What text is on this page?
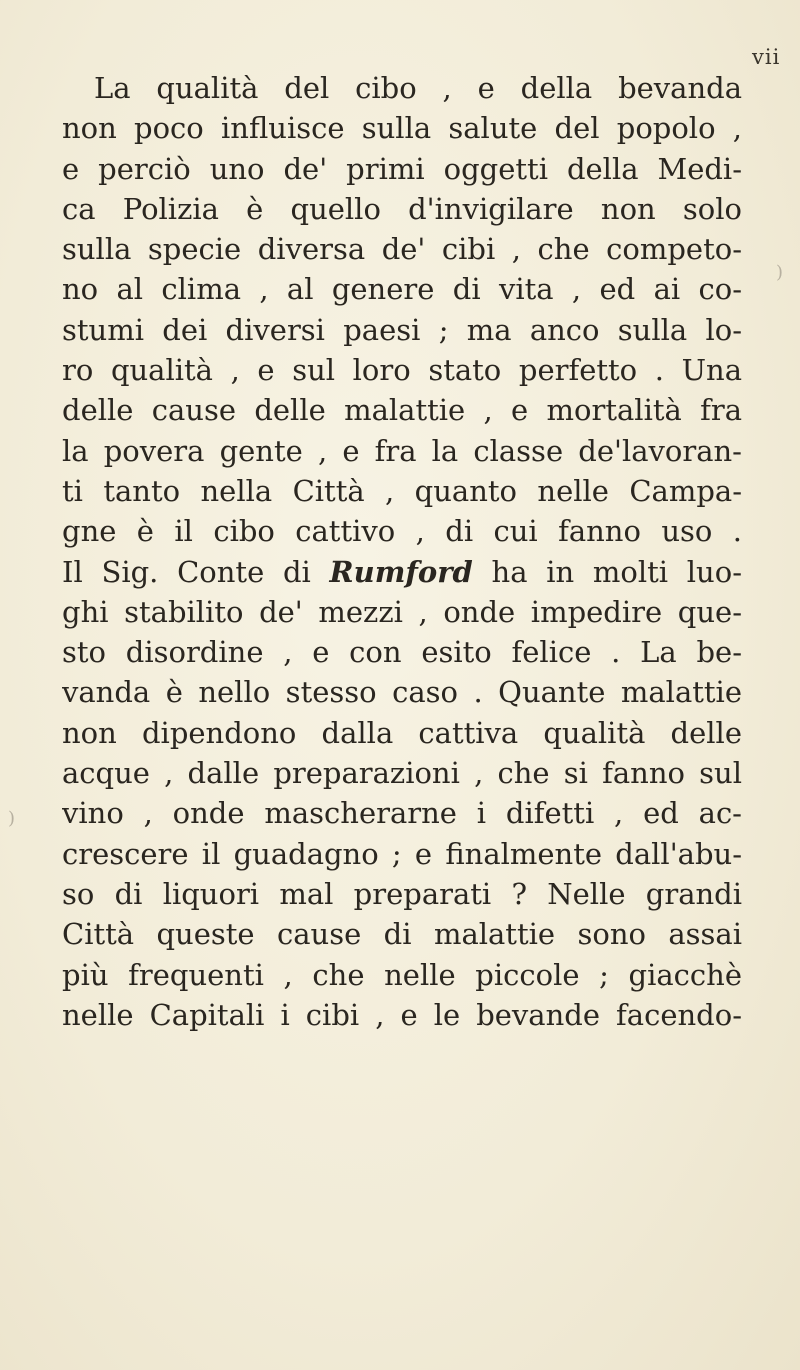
vii
)
)
La qualità del cibo , e della bevanda
non poco influisce sulla salute del popolo ,
e perciò uno de' primi oggetti della Medi-
ca Polizia è quello d'invigilare non solo
sulla specie diversa de' cibi , che competo-
no al clima , al genere di vita , ed ai co-
stumi dei diversi paesi ; ma anco sulla lo-
ro qualità , e sul loro stato perfetto . Una
delle cause delle malattie , e mortalità fra
la povera gente , e fra la classe de'lavoran-
ti tanto nella Città , quanto nelle Campa-
gne è il cibo cattivo , di cui fanno uso .
Il Sig. Conte di Rumford ha in molti luo-
ghi stabilito de' mezzi , onde impedire que-
sto disordine , e con esito felice . La be-
vanda è nello stesso caso . Quante malattie
non dipendono dalla cattiva qualità delle
acque , dalle preparazioni , che si fanno sul
vino , onde mascherarne i difetti , ed ac-
crescere il guadagno ; e finalmente dall'abu-
so di liquori mal preparati ? Nelle grandi
Città queste cause di malattie sono assai
più frequenti , che nelle piccole ; giacchè
nelle Capitali i cibi , e le bevande facendo-
